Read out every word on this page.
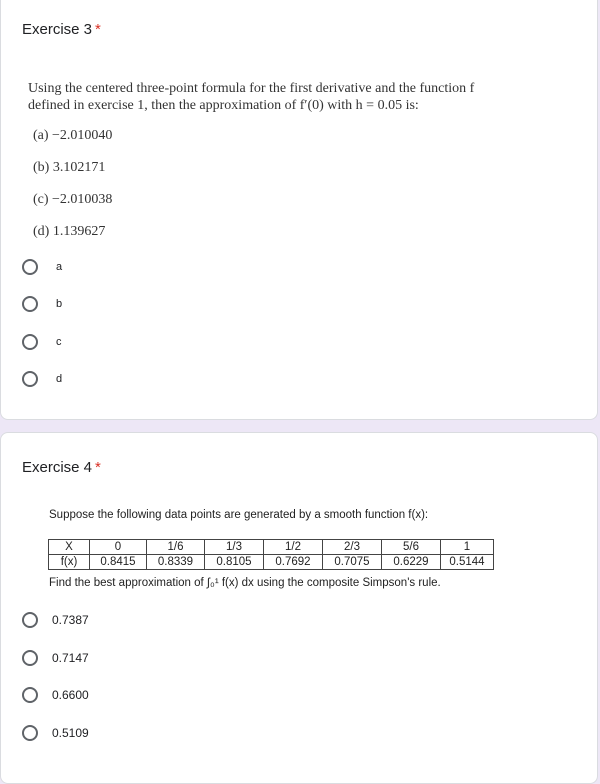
Exercise 3 *
Using the centered three-point formula for the first derivative and the function f
defined in exercise 1, then the approximation of f′(0) with h = 0.05 is:
(a) −2.010040
(b) 3.102171
(c) −2.010038
(d) 1.139627
a
b
c
d
Exercise 4 *
Suppose the following data points are generated by a smooth function f(x):
X	0	1/6	1/3	1/2	2/3	5/6	1
f(x)	0.8415	0.8339	0.8105	0.7692	0.7075	0.6229	0.5144
Find the best approximation of ∫₀¹ f(x) dx using the composite Simpson's rule.
0.7387
0.7147
0.6600
0.5109
